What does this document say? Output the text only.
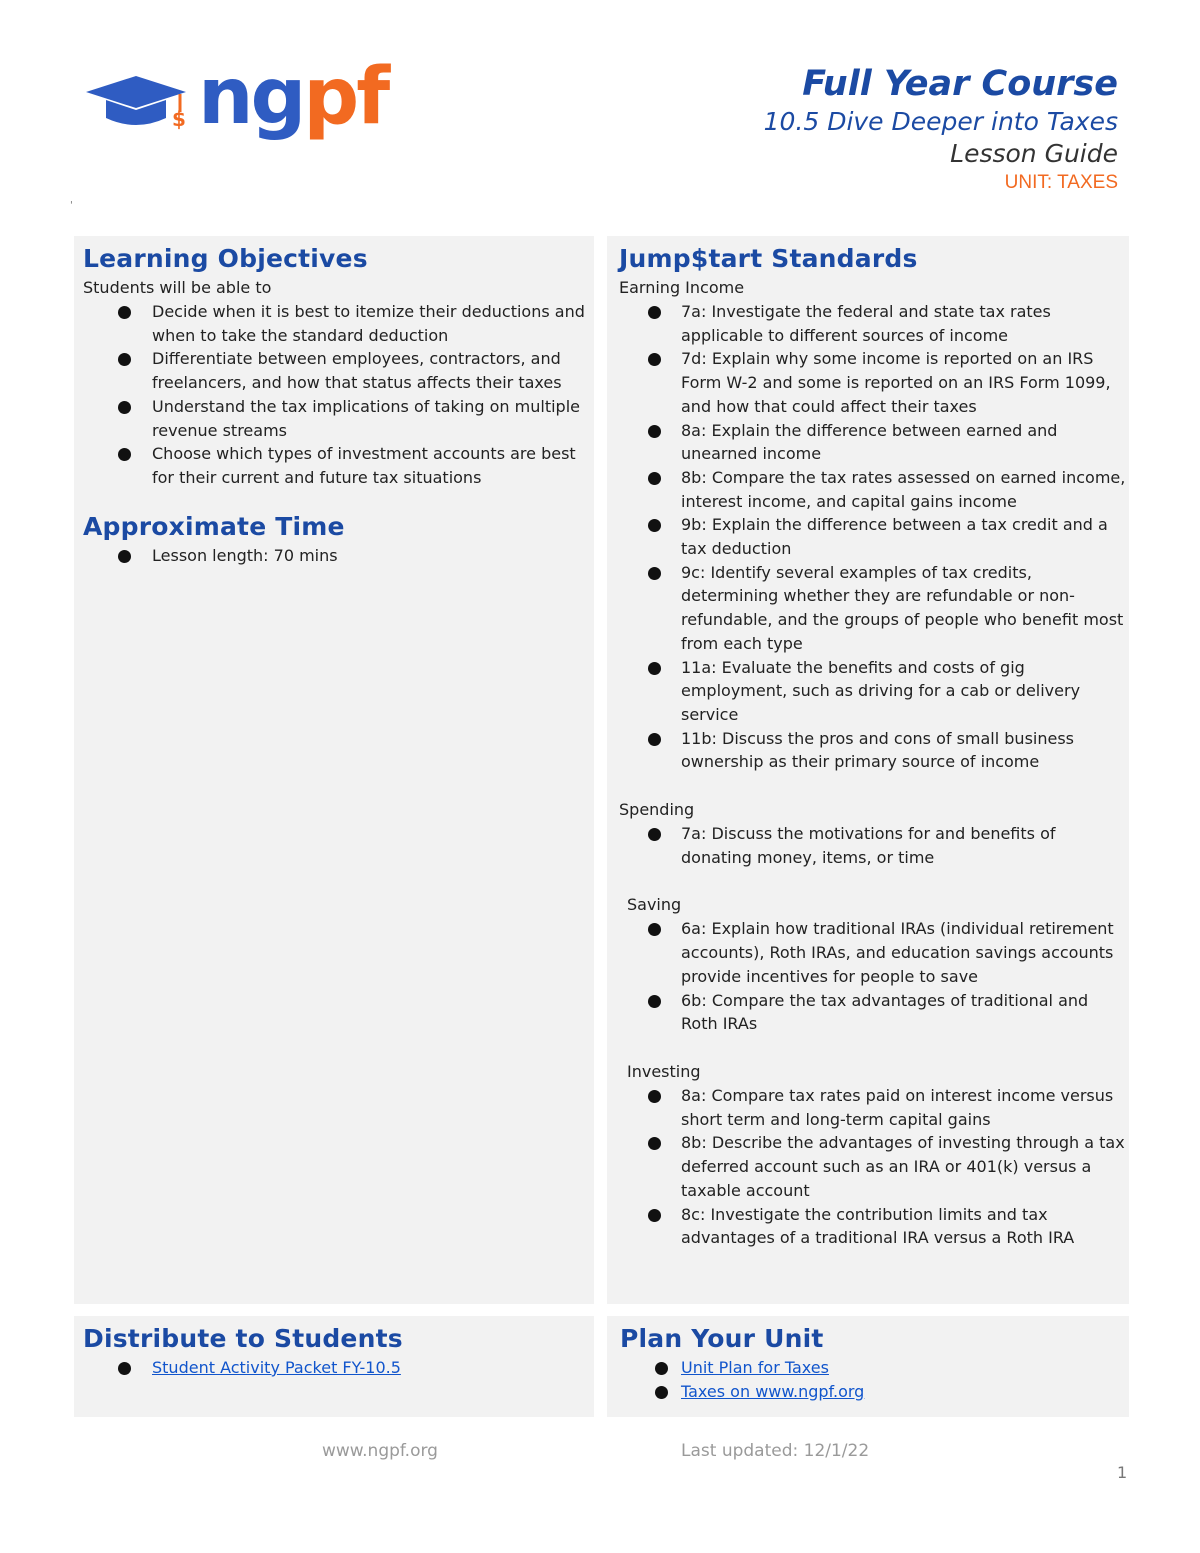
$ ngpf	Full Year Course
10.5 Dive Deeper into Taxes
Lesson Guide
UNIT: TAXES
'
Learning Objectives

Students will be able to

Decide when it is best to itemize their deductions and when to take the standard deduction
Differentiate between employees, contractors, and freelancers, and how that status affects their taxes
Understand the tax implications of taking on multiple revenue streams
Choose which types of investment accounts are best for their current and future tax situations
Approximate Time
Lesson length: 70 mins
Jump$tart Standards

Earning Income

7a: Investigate the federal and state tax rates applicable to different sources of income
7d: Explain why some income is reported on an IRS Form W-2 and some is reported on an IRS Form 1099, and how that could affect their taxes
8a: Explain the difference between earned and unearned income
8b: Compare the tax rates assessed on earned income, interest income, and capital gains income
9b: Explain the difference between a tax credit and a tax deduction
9c: Identify several examples of tax credits, determining whether they are refundable or non-refundable, and the groups of people who benefit most from each type
11a: Evaluate the benefits and costs of gig employment, such as driving for a cab or delivery service
11b: Discuss the pros and cons of small business ownership as their primary source of income

Spending

7a: Discuss the motivations for and benefits of donating money, items, or time

Saving

6a: Explain how traditional IRAs (individual retirement accounts), Roth IRAs, and education savings accounts provide incentives for people to save
6b: Compare the tax advantages of traditional and Roth IRAs

Investing

8a: Compare tax rates paid on interest income versus short term and long-term capital gains
8b: Describe the advantages of investing through a tax deferred account such as an IRA or 401(k) versus a taxable account
8c: Investigate the contribution limits and tax advantages of a traditional IRA versus a Roth IRA
Distribute to Students
Student Activity Packet FY-10.5
Plan Your Unit
Unit Plan for Taxes
Taxes on www.ngpf.org
www.ngpf.org	Last updated: 12/1/22
1
